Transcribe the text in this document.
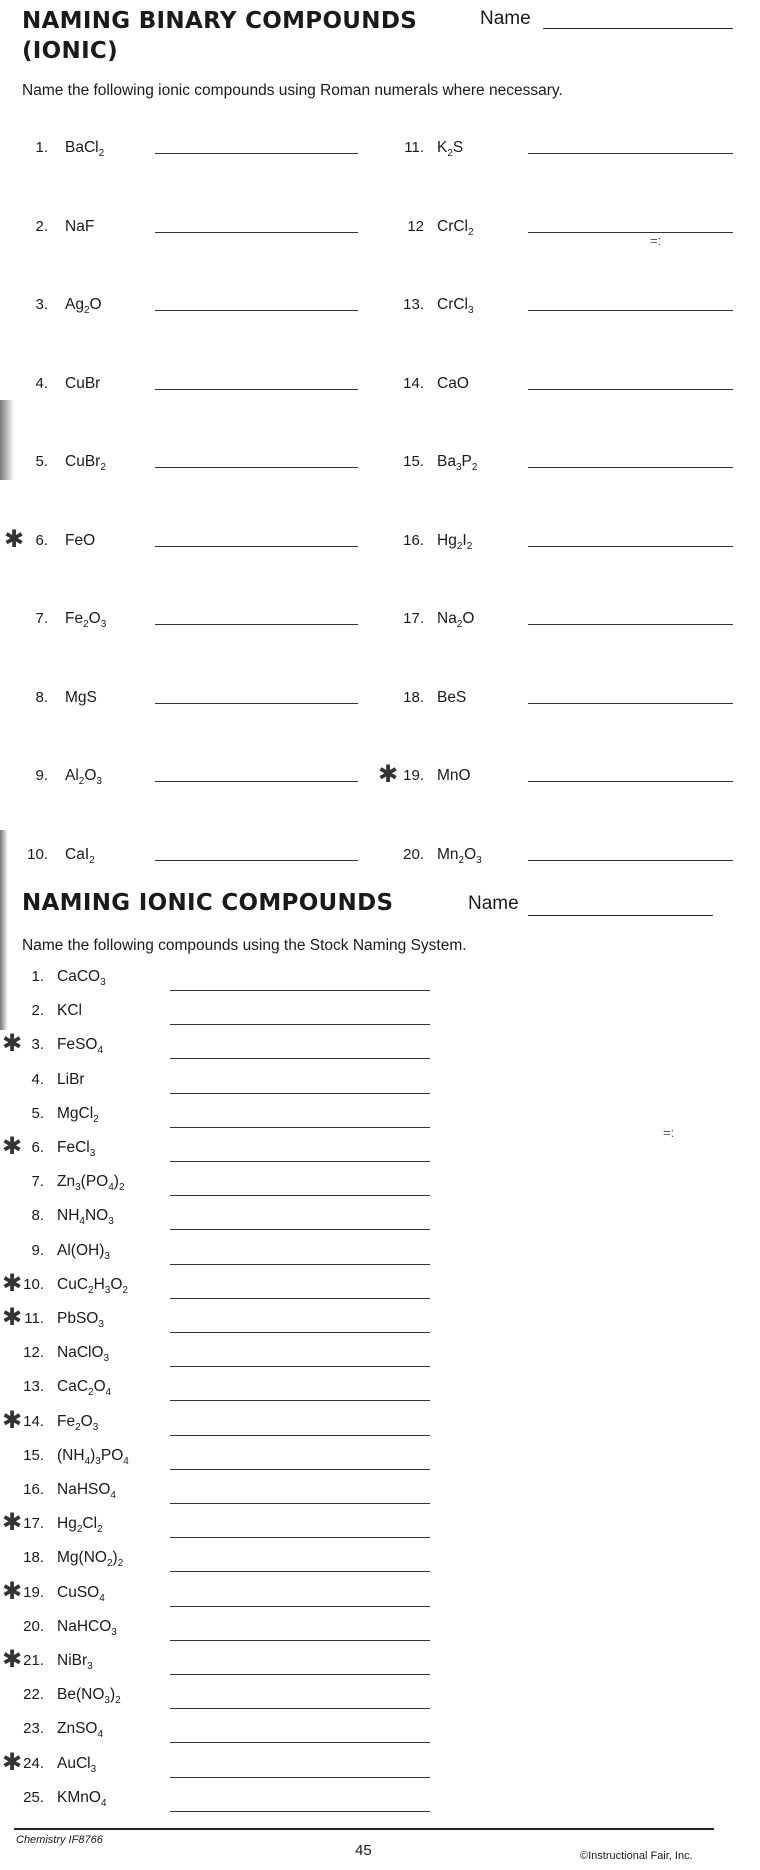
NAMING BINARY COMPOUNDS
(IONIC)
Name

Name the following ionic compounds using Roman numerals where necessary.

1. BaCl$_2$
2. NaF
3. $Ag_2O$
4. CuBr
5. CuBr$_2$
✱ 6. FeO
7. $Fe_2O_3$
8. MgS
9. $Al_2O_3$
10. CaI$_2$
11. $K_2S$
12 CrCl$_2$
13. CrCl$_3$
14. CaO
15. $Ba_3P_2$
16. $Hg_2I_2$
17. $Na_2O$
18. BeS
✱ 19. MnO
20. $Mn_2O_3$
NAMING IONIC COMPOUNDS	Name

Name the following compounds using the Stock Naming System.

1. CaCO$_3$
2. KCl
✱ 3. FeSO$_4$
4. LiBr
5. MgCl$_2$
✱ 6. FeCl$_3$
7. $Zn_3(PO_4)_2$
8. $NH_4NO_3$
9. $Al(OH)_3$
✱ 10. $CuC_2H_3O_2$
✱ 11. PbSO$_3$
12. NaClO$_3$
13. $CaC_2O_4$
✱ 14. $Fe_2O_3$
15. $(NH_4)_3PO_4$
16. NaHSO$_4$
✱ 17. $Hg_2Cl_2$
18. $Mg(NO_2)_2$
✱ 19. CuSO$_4$
20. NaHCO$_3$
✱ 21. NiBr$_3$
22. $Be(NO_3)_2$
23. ZnSO$_4$
✱ 24. AuCl$_3$
25. KMnO$_4$
=:
=:
Chemistry IF8766
45	©Instructional Fair, Inc.
